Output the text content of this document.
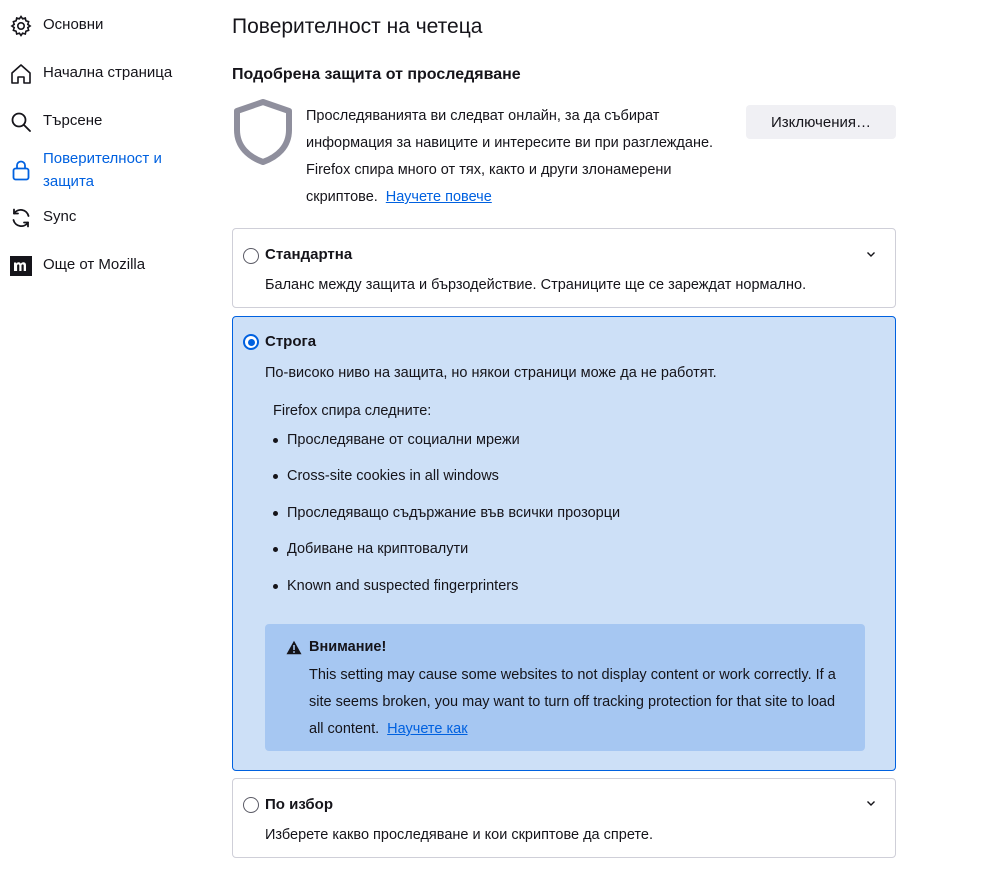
Основни
Начална страница
Търсене
Поверителност и защита
Sync
Още от Mozilla
Поверителност на четеца
Подобрена защита от проследяване

Проследяванията ви следват онлайн, за да събират информация за навиците и интересите ви при разглеждане. Firefox спира много от тях, както и други злонамерени скриптове. Научете повече

Изключения…
Стандартна
Баланс между защита и бързодействие. Страниците ще се зареждат нормално.
Строга
По-високо ниво на защита, но някои страници може да не работят.
Firefox спира следните:
Проследяване от социални мрежи
Cross-site cookies in all windows
Проследяващо съдържание във всички прозорци
Добиване на криптовалути
Known and suspected fingerprinters
Внимание!

This setting may cause some websites to not display content or work correctly. If a site seems broken, you may want to turn off tracking protection for that site to load all content. Научете как

По избор
Изберете какво проследяване и кои скриптове да спрете.
